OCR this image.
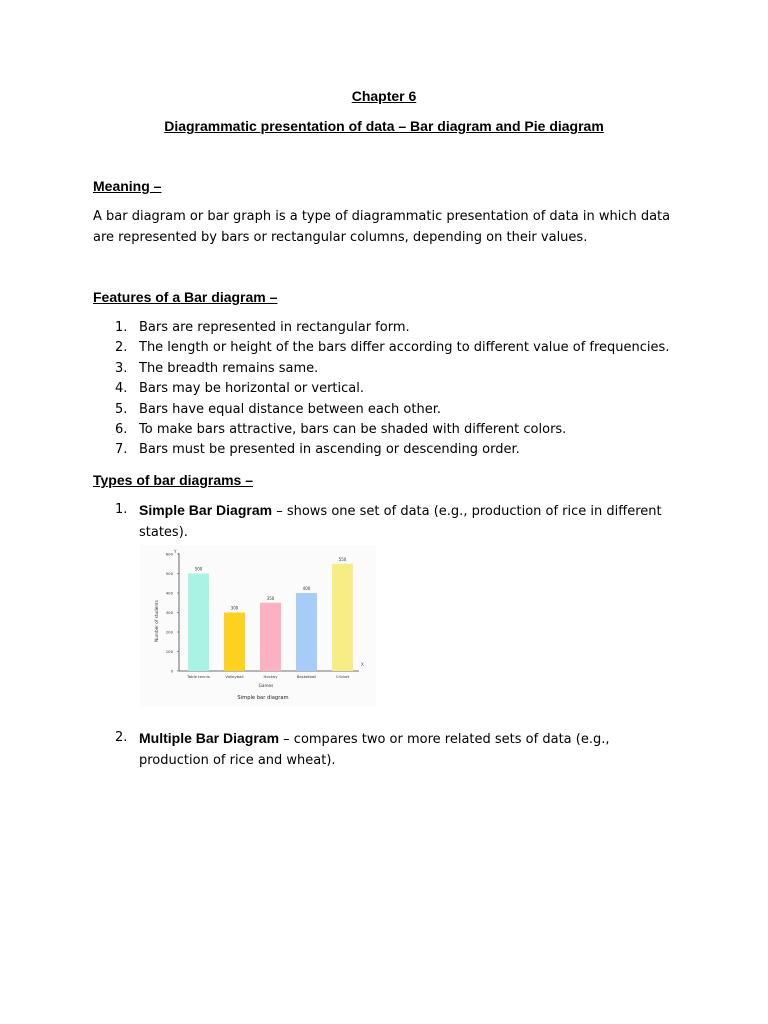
Chapter 6
Diagrammatic presentation of data – Bar diagram and Pie diagram
Meaning –
A bar diagram or bar graph is a type of diagrammatic presentation of data in which data are represented by bars or rectangular columns, depending on their values.
Features of a Bar diagram –
1. Bars are represented in rectangular form.
2. The length or height of the bars differ according to different value of frequencies.
3. The breadth remains same.
4. Bars may be horizontal or vertical.
5. Bars have equal distance between each other.
6. To make bars attractive, bars can be shaded with different colors.
7. Bars must be presented in ascending or descending order.
Types of bar diagrams –
1. Simple Bar Diagram – shows one set of data (e.g., production of rice in different states).
Y
X
0
100
200
300
400
500
600
500
Table tennis
300
Volleyball
350
Hockey
400
Basketball
550
Cricket
Games
Number of students
Simple bar diagram
2. Multiple Bar Diagram – compares two or more related sets of data (e.g., production of rice and wheat).
